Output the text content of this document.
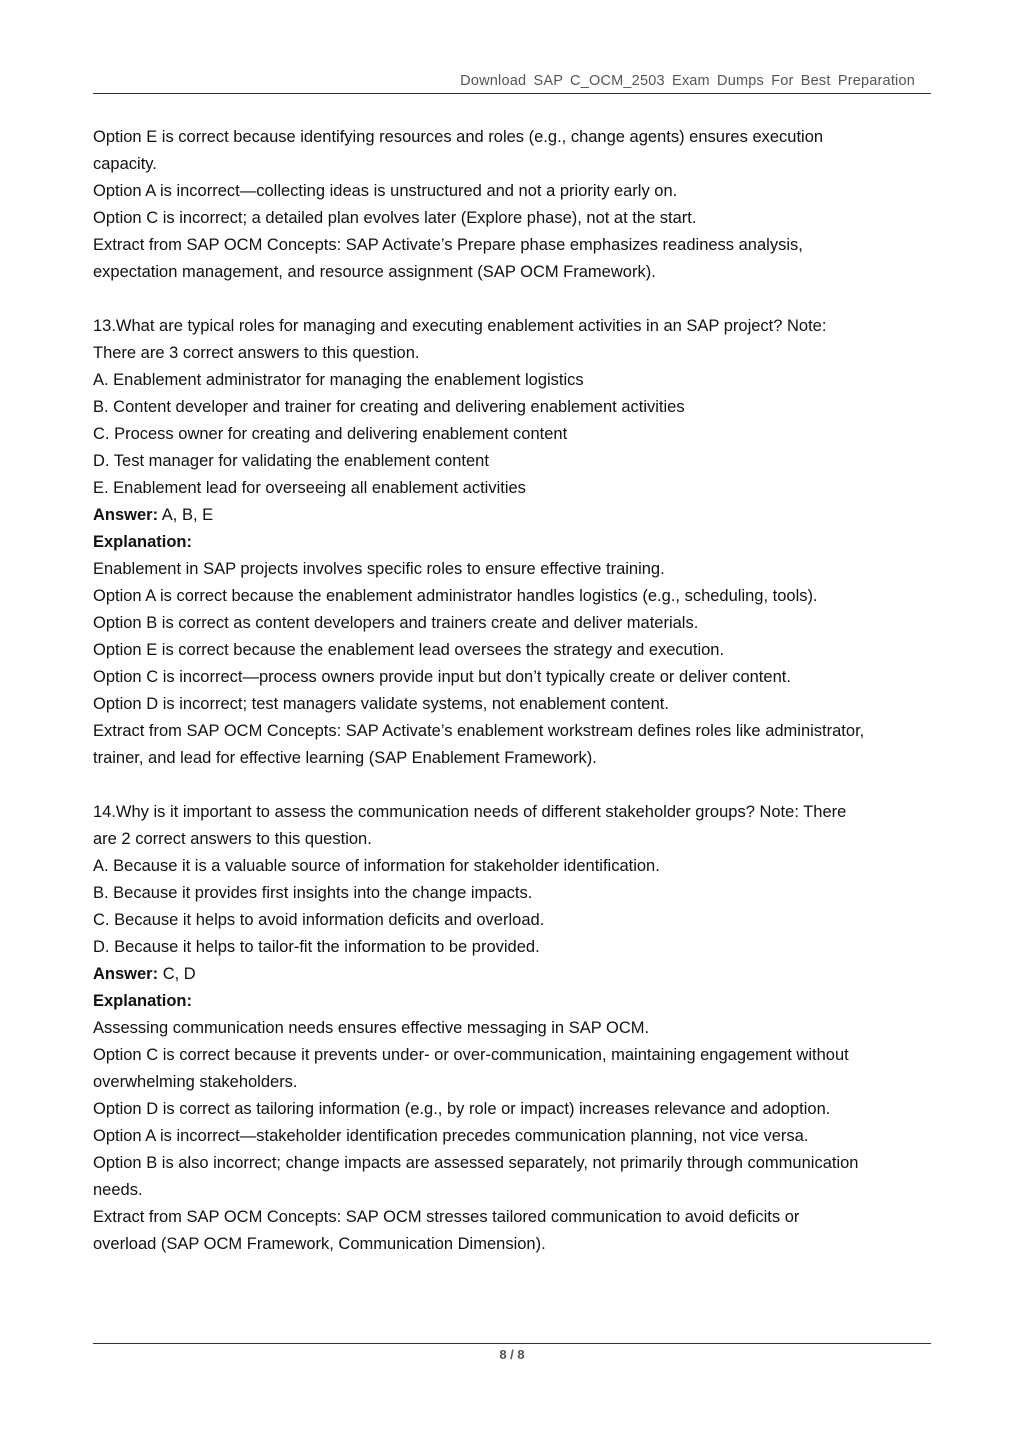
Download SAP C_OCM_2503 Exam Dumps For Best Preparation

Option E is correct because identifying resources and roles (e.g., change agents) ensures execution

capacity.

Option A is incorrect—collecting ideas is unstructured and not a priority early on.

Option C is incorrect; a detailed plan evolves later (Explore phase), not at the start.

Extract from SAP OCM Concepts: SAP Activate’s Prepare phase emphasizes readiness analysis,

expectation management, and resource assignment (SAP OCM Framework).

13.What are typical roles for managing and executing enablement activities in an SAP project? Note:

There are 3 correct answers to this question.

A. Enablement administrator for managing the enablement logistics

B. Content developer and trainer for creating and delivering enablement activities

C. Process owner for creating and delivering enablement content

D. Test manager for validating the enablement content

E. Enablement lead for overseeing all enablement activities

Answer: A, B, E

Explanation:

Enablement in SAP projects involves specific roles to ensure effective training.

Option A is correct because the enablement administrator handles logistics (e.g., scheduling, tools).

Option B is correct as content developers and trainers create and deliver materials.

Option E is correct because the enablement lead oversees the strategy and execution.

Option C is incorrect—process owners provide input but don’t typically create or deliver content.

Option D is incorrect; test managers validate systems, not enablement content.

Extract from SAP OCM Concepts: SAP Activate’s enablement workstream defines roles like administrator,

trainer, and lead for effective learning (SAP Enablement Framework).

14.Why is it important to assess the communication needs of different stakeholder groups? Note: There

are 2 correct answers to this question.

A. Because it is a valuable source of information for stakeholder identification.

B. Because it provides first insights into the change impacts.

C. Because it helps to avoid information deficits and overload.

D. Because it helps to tailor-fit the information to be provided.

Answer: C, D

Explanation:

Assessing communication needs ensures effective messaging in SAP OCM.

Option C is correct because it prevents under- or over-communication, maintaining engagement without

overwhelming stakeholders.

Option D is correct as tailoring information (e.g., by role or impact) increases relevance and adoption.

Option A is incorrect—stakeholder identification precedes communication planning, not vice versa.

Option B is also incorrect; change impacts are assessed separately, not primarily through communication

needs.

Extract from SAP OCM Concepts: SAP OCM stresses tailored communication to avoid deficits or

overload (SAP OCM Framework, Communication Dimension).

8 / 8
